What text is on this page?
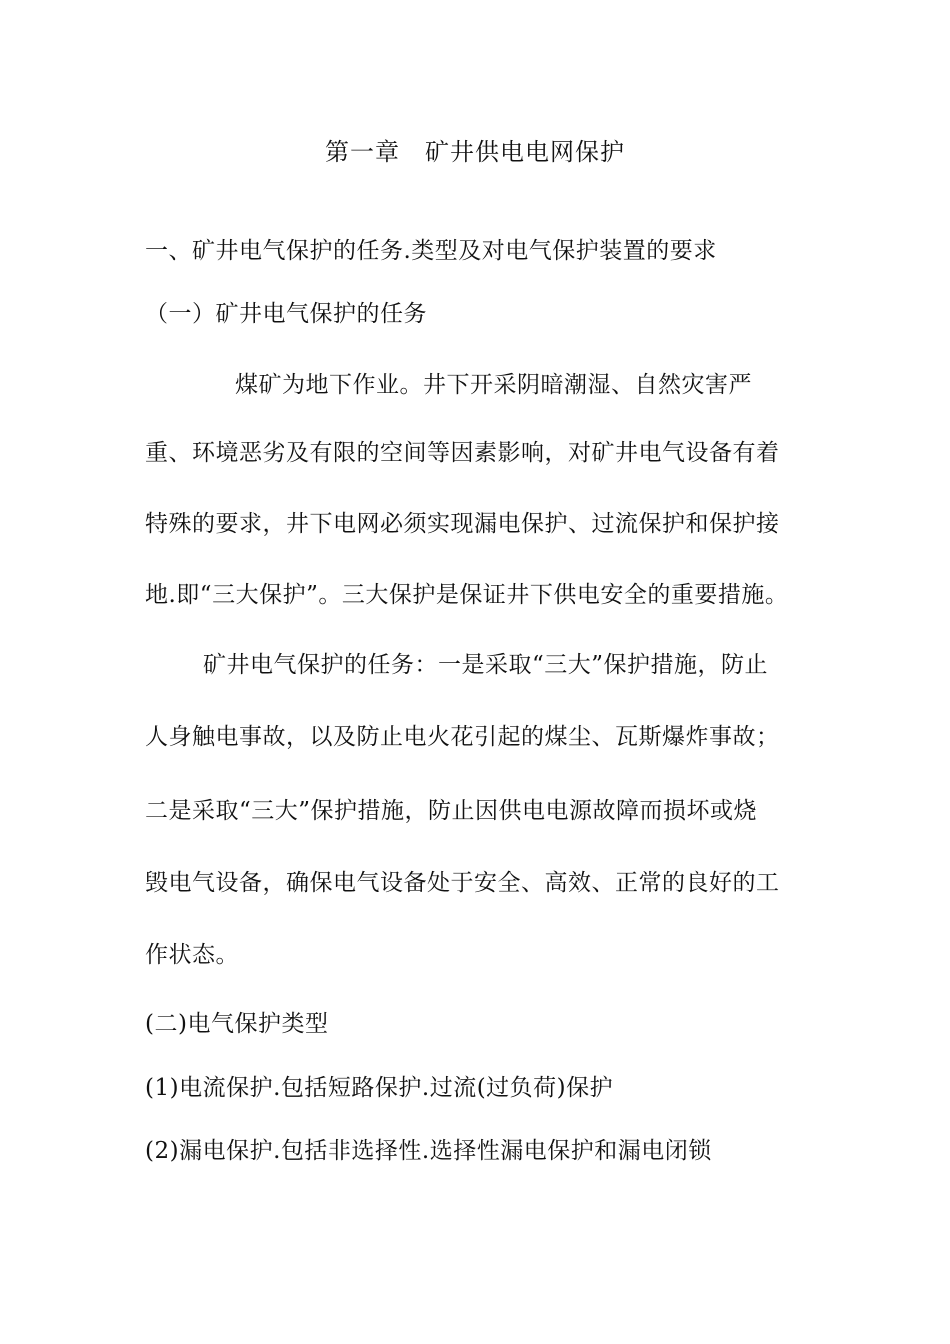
第一章　矿井供电电网保护
一、矿井电气保护的任务.类型及对电气保护装置的要求
（一）矿井电气保护的任务
煤矿为地下作业。井下开采阴暗潮湿、自然灾害严
重、环境恶劣及有限的空间等因素影响，对矿井电气设备有着
特殊的要求，井下电网必须实现漏电保护、过流保护和保护接
地.即“三大保护”。三大保护是保证井下供电安全的重要措施。
矿井电气保护的任务：一是采取“三大”保护措施，防止
人身触电事故，以及防止电火花引起的煤尘、瓦斯爆炸事故；
二是采取“三大”保护措施，防止因供电电源故障而损坏或烧
毁电气设备，确保电气设备处于安全、高效、正常的良好的工
作状态。
(二)电气保护类型
(1)电流保护.包括短路保护.过流(过负荷)保护
(2)漏电保护.包括非选择性.选择性漏电保护和漏电闭锁
